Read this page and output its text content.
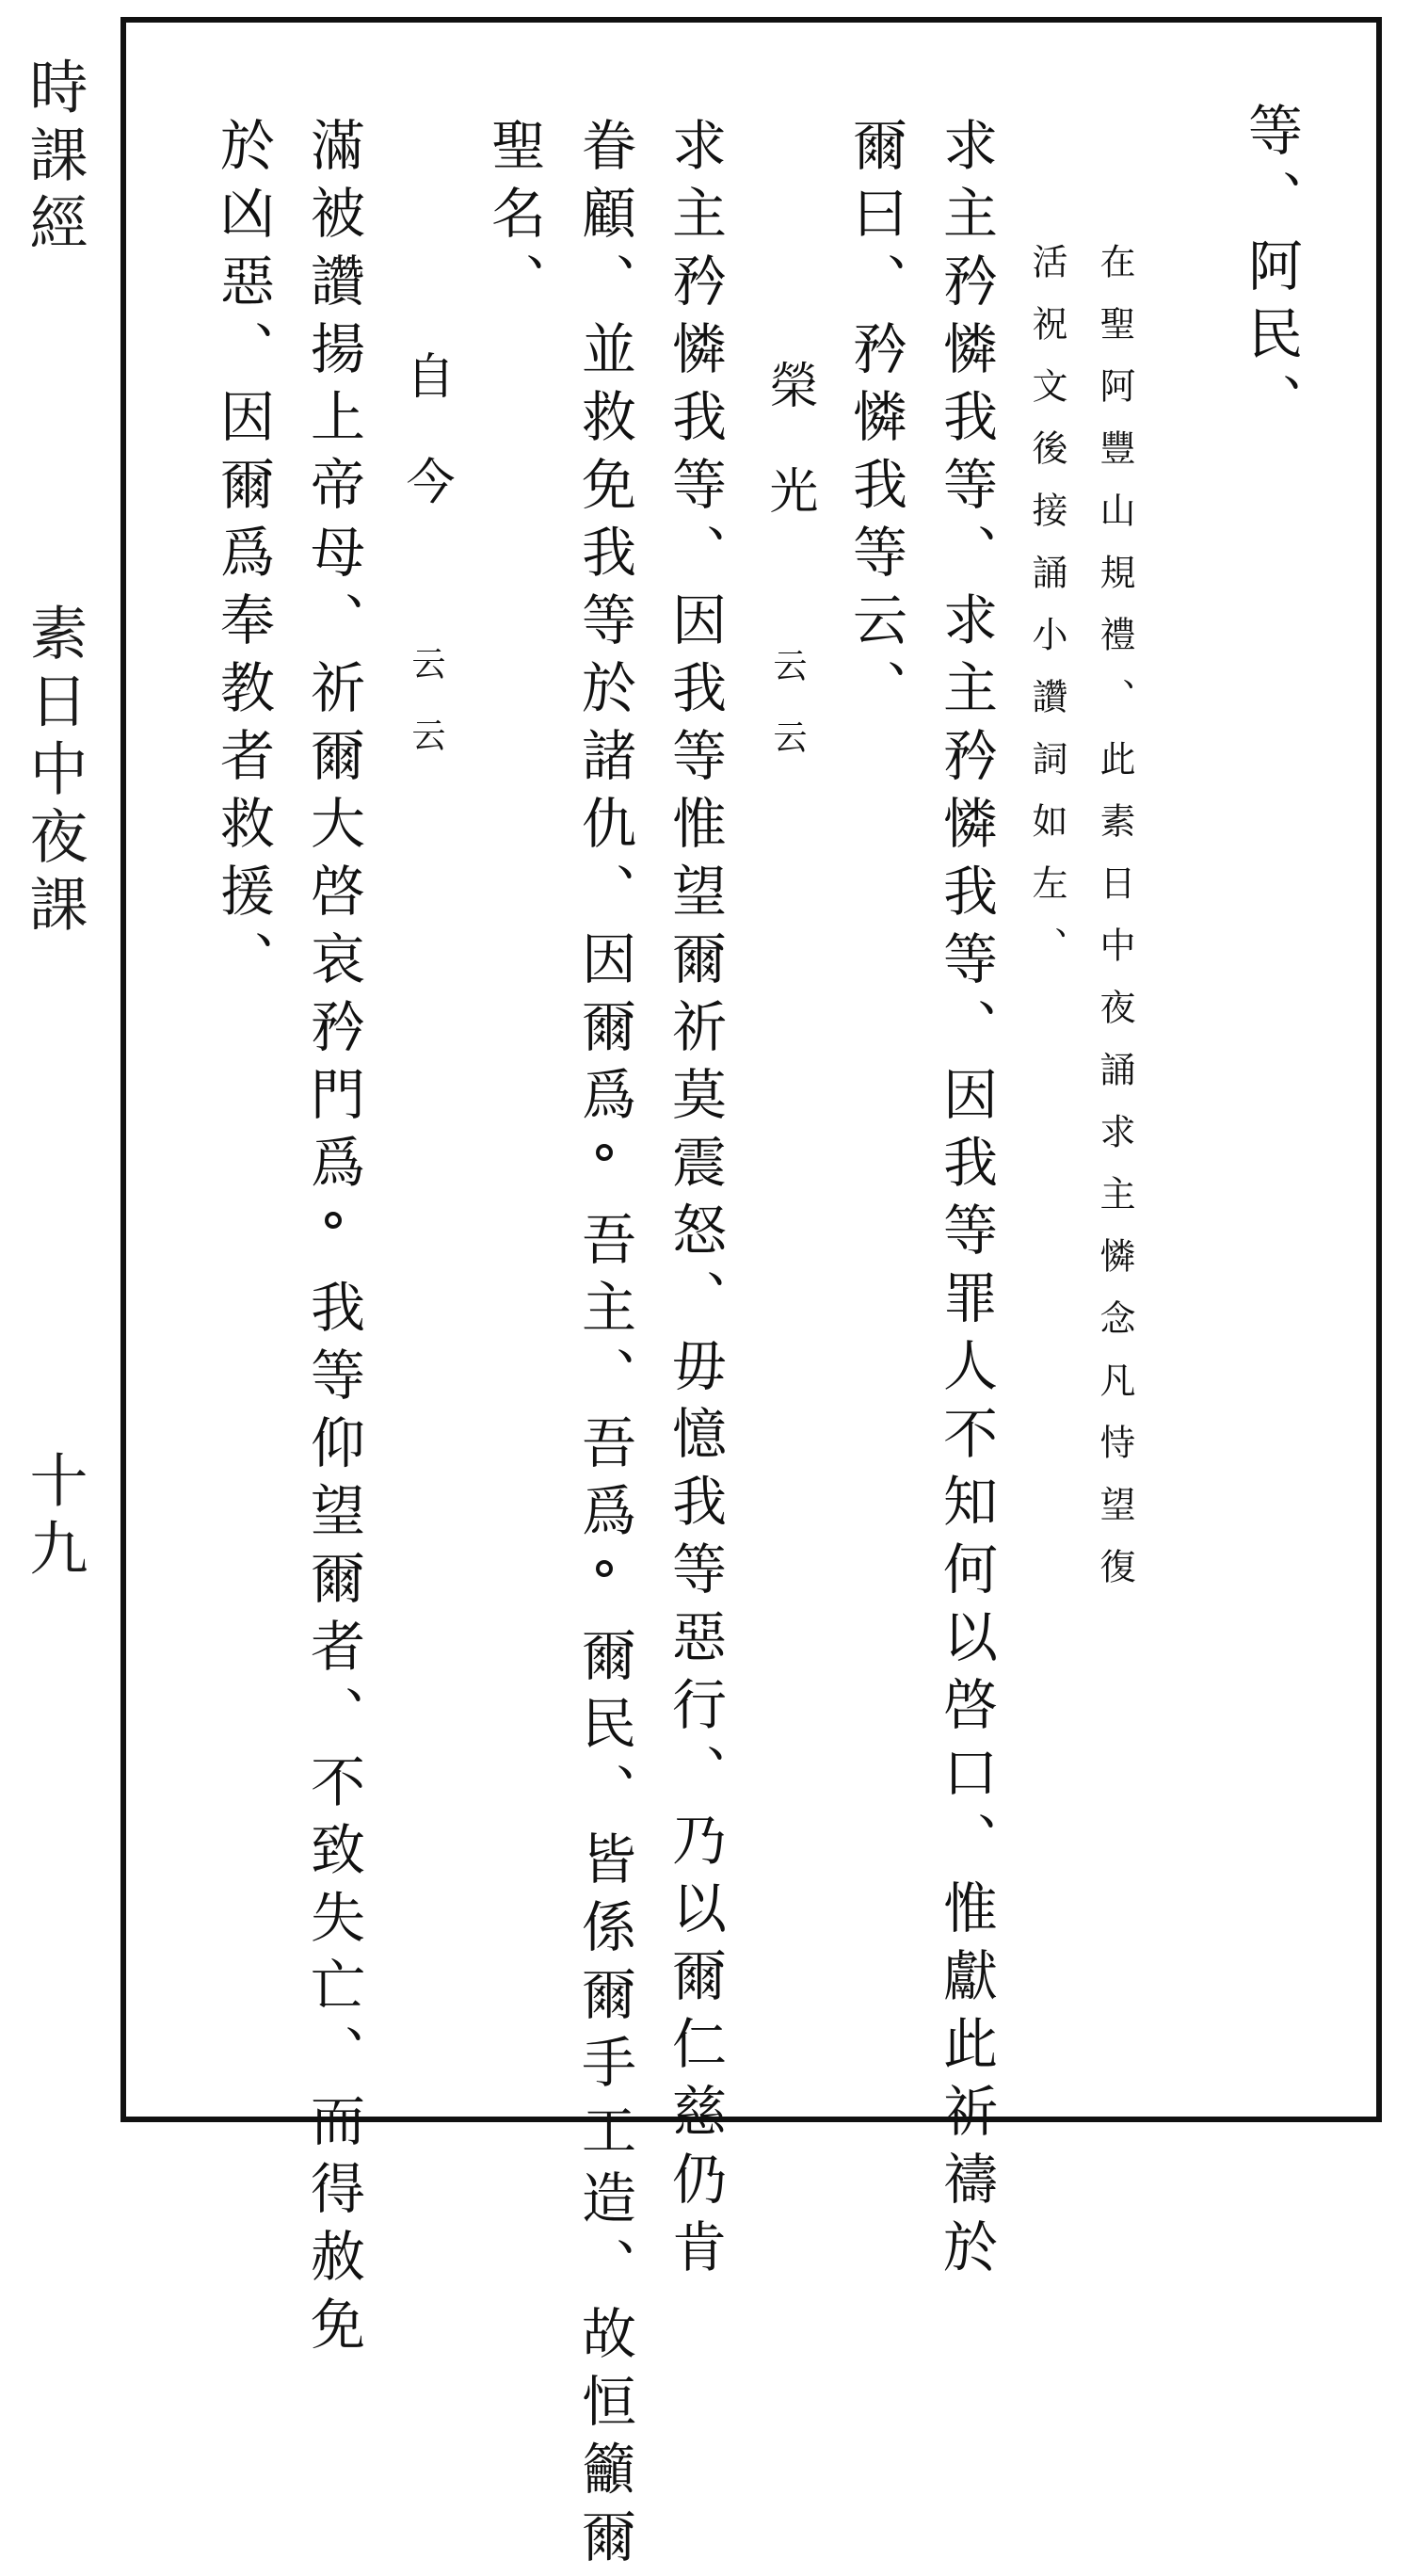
時課經
素日中夜課
十九
等、阿民、
在聖阿豐山規禮、此素日中夜誦求主憐念凡恃望復
活祝文後接誦小讚詞如左、
求主矜憐我等、求主矜憐我等、因我等罪人不知何以啓口、惟獻此祈禱於
爾曰、矜憐我等云、
榮光
云云
求主矜憐我等、因我等惟望爾祈莫震怒、毋憶我等惡行、乃以爾仁慈仍肯
眷顧、並救免我等於諸仇、因爾爲°吾主、吾爲°爾民、皆係爾手工造、故恒籲爾
聖名、
自今
云云
滿被讚揚上帝母、祈爾大啓哀矜門爲°我等仰望爾者、不致失亡、而得赦免
於凶惡、因爾爲奉教者救援、
